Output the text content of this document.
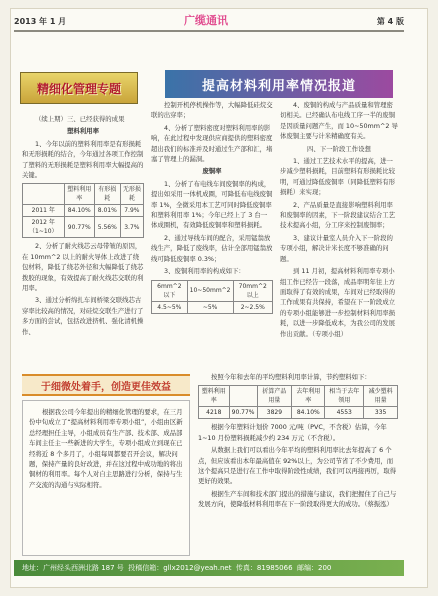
2013 年 1 月	广缆通讯	第 4 版
精细化管理专题	提高材料利用率情况报道

（续上期）三、已经获得的成果

塑料利用率

1、今年以前的塑料利用率是有形损耗和无形损耗的结合，今年通过各项工作控制了塑料的无形损耗是塑料利用率大幅提高的关键。

	塑料利用率	有形损耗	无形损耗
2011 年	84.10%	8.01%	7.9%
2012 年（1~10）	90.77%	5.56%	3.7%

2、分析了耐火线芯云母带皱的原因，在 10mm^2 以上的耐火导体上改进了绕包材料，降低了绕芯外径和大幅降低了绕芯拨胶的现象，有效提高了耐火线芯交联的利用率。

3、通过分析绵扎车间桥梁交联线芯古穿率比较高的情况，对硅烷交联生产进行了多方面的尝试，包括改进挤机、强化清机操作、

控制开机停机操作等，大幅降低硅烷交联的出穿率；

4、分析了塑料密度对塑料利用率的影响，在此过程中发现供应商提供的塑料密度超出我们的标准并及时通过生产部和汇，堵塞了管理上的漏洞。

废铜率

1、分析了布电线车间废铜率的构成，提出如采用一体机成圈，可降低布电线废铜率 1%，全微采用本工艺可同时降低废铜率和塑料利用率 1%；今年已经上了 3 台一体成圈机，有效降低废铜率和塑料损耗。

2、通过导线车间的配合，采用锰翁放线生产，降低了废线率，估计全部用锰翁放线可降低废铜率 0.3%；

3、废铜利用率的构成如下：

6mm^2 以下	10~50mm^2	70mm^2 以上
4.5~5%	~5%	2~2.5%

4、废铜的构成与产品质量和管理密切相关。已经确认布电线工序一半的废铜是因质量问题产生，而 10~50mm^2 导体废铜主要与计米精确度有关。

四、下一阶段工作设想

1、通过工艺技术水平的提高，进一步减少塑料损耗，目前塑料有形损耗比较明，可通过降低废铜率（同降低塑料有形损耗）来实现；

2、产品质量是直接影响塑料利用率和废铜率的因素，下一阶段建议结合工艺技术提高小组，分工序来控制废铜率；

3、建议计量室人员介入下一阶段的专项小组，解决计米长度不够准确的问题。

到 11 月初，提高材料利用率专项小组工作已经告一段落，成品率明年往上方面取得了有效的成果，车间对已经取得的工作成果有共保持，希望在下一阶段成立的专项小组能够进一步控制材料利用率损耗，以进一步降低成本，为我公司的发展作出贡献。（专项小组）

于细微处着手，创造更佳效益

根据我公司今年提出的精细化管理的要求，在三月份中旬成立了“提高材料利用率专项小组”，小组由区新总经理担任主导，小组成员有生产部、技术部、成品部车间主任主一些新进的大学生，专项小组成立到现在已经将近 8 个多月了，小组每周都要召开会议，解决问题，保持产量的良好改进，并在这过程中成功地的将出铜材的利用率。每个人对自主思路进行分析，保持与生产交流的沟通与实际相符。

按照今年和去年的平均塑料利用率计算，节约塑料如下：

塑料利用率		折算产品用量	去年利用率	相当于去年领用	减少塑料用量
4218	90.77%	3829	84.10%	4553	335

根据今年塑料计划价 7000 元/吨（PVC，不含税）估算，今年 1~10 月份塑料损耗减少约 234 万元（不含税）。

从数据上我们可以看出今年平均的塑料利用率比去年提高了 6 个点，但应该看出本年最高值在 92%以上，为公司节省了不少费用，而这个提高只是进行在工作中取得阶段性成绩，我们可以再接再厉，取得更好的效果。

根据生产车间和技术部门提出的措施与建议，我们把握住了自己与发展方向，使降低材料利用率在下一阶段取得更大的成功。（蔡振泓）

地址：广州经头西洲北路 187 号
投稿信箱：gllx2012@yeah.net
传真：81985066
邮编：200
